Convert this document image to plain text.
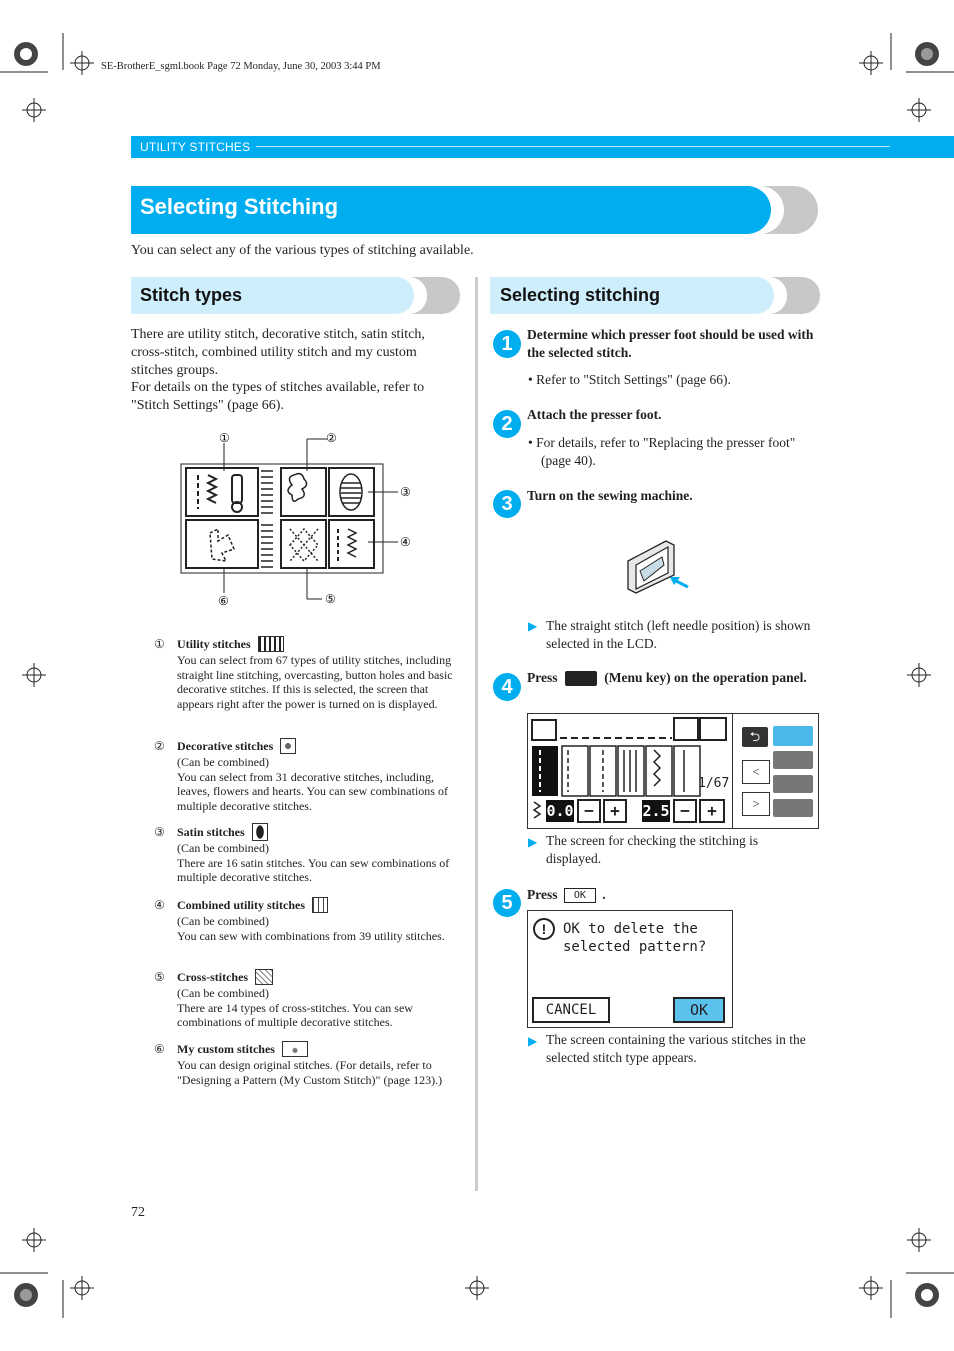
SE-BrotherE_sgml.book Page 72 Monday, June 30, 2003 3:44 PM
UTILITY STITCHES
Selecting Stitching
You can select any of the various types of stitching available.
Stitch types
There are utility stitch, decorative stitch, satin stitch, cross-stitch, combined utility stitch and my custom stitches groups.
For details on the types of stitches available, refer to "Stitch Settings" (page 66).
①	②
③
④
⑥	⑤
① Utility stitches
You can select from 67 types of utility stitches, including straight line stitching, overcasting, button holes and basic decorative stitches. If this is selected, the screen that appears right after the power is turned on is displayed.
② Decorative stitches
(Can be combined)
You can select from 31 decorative stitches, including, leaves, flowers and hearts. You can sew combinations of multiple decorative stitches.
③ Satin stitches
(Can be combined)
There are 16 satin stitches. You can sew combinations of multiple decorative stitches.
④ Combined utility stitches
(Can be combined)
You can sew with combinations from 39 utility stitches.
⑤ Cross-stitches
(Can be combined)
There are 14 types of cross-stitches. You can sew combinations of multiple decorative stitches.
⑥ My custom stitches
You can design original stitches. (For details, refer to "Designing a Pattern (My Custom Stitch)" (page 123).)
Selecting stitching
1	Determine which presser foot should be used with the selected stitch.
• Refer to "Stitch Settings" (page 66).
2	Attach the presser foot.
• For details, refer to "Replacing the presser foot" (page 40).
3	Turn on the sewing machine.
▶ The straight stitch (left needle position) is shown selected in the LCD.
4	Press	(Menu key) on the operation panel.
0.0 −	+	2.5 −	+
1/67
⮌
<
>
▶ The screen for checking the stitching is displayed.
5	Press OK .
!	OK to delete the
selected pattern?
CANCEL	OK
▶ The screen containing the various stitches in the selected stitch type appears.
72
